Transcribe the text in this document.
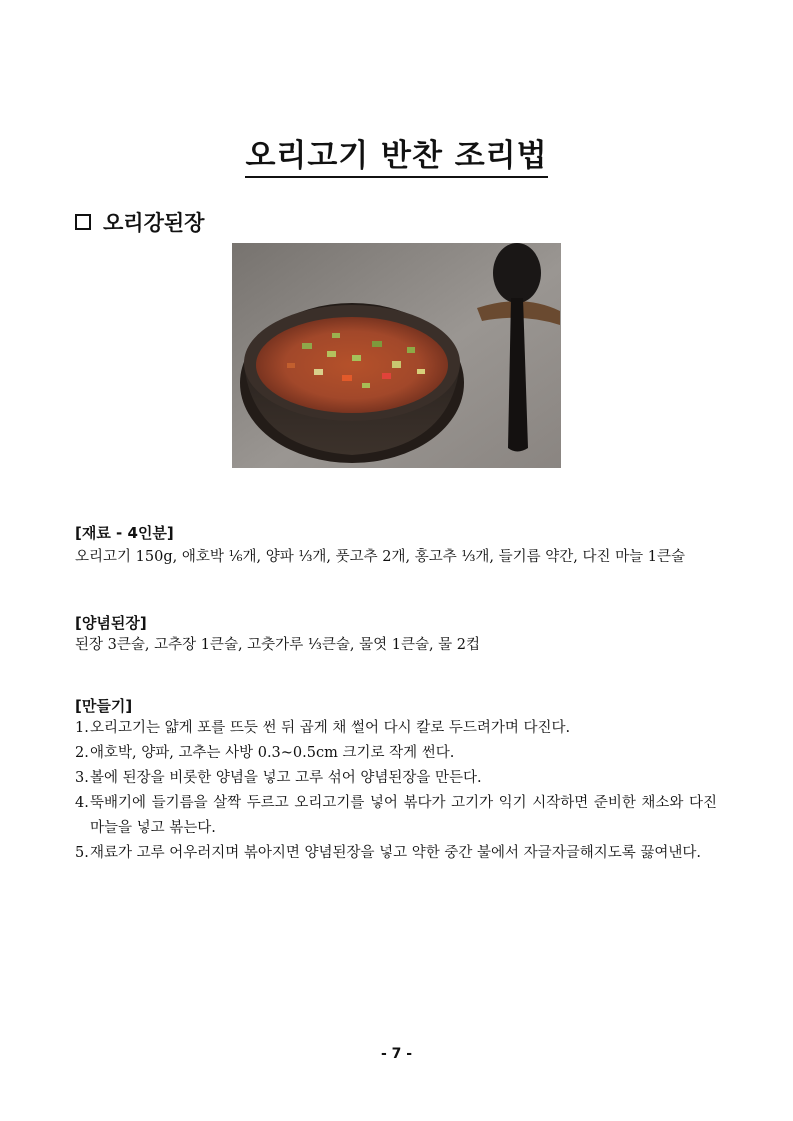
오리고기 반찬 조리법
오리강된장
[재료 - 4인분]
오리고기 150g, 애호박 ⅙개, 양파 ⅓개, 풋고추 2개, 홍고추 ⅓개, 들기름 약간, 다진 마늘 1큰술
[양념된장]
된장 3큰술, 고추장 1큰술, 고춧가루 ⅓큰술, 물엿 1큰술, 물 2컵
[만들기]
1. 오리고기는 얇게 포를 뜨듯 썬 뒤 곱게 채 썰어 다시 칼로 두드려가며 다진다.
2. 애호박, 양파, 고추는 사방 0.3~0.5cm 크기로 작게 썬다.
3. 볼에 된장을 비롯한 양념을 넣고 고루 섞어 양념된장을 만든다.
4. 뚝배기에 들기름을 살짝 두르고 오리고기를 넣어 볶다가 고기가 익기 시작하면 준비한 채소와 다진 마늘을 넣고 볶는다.
5. 재료가 고루 어우러지며 볶아지면 양념된장을 넣고 약한 중간 불에서 자글자글해지도록 끓여낸다.
- 7 -
